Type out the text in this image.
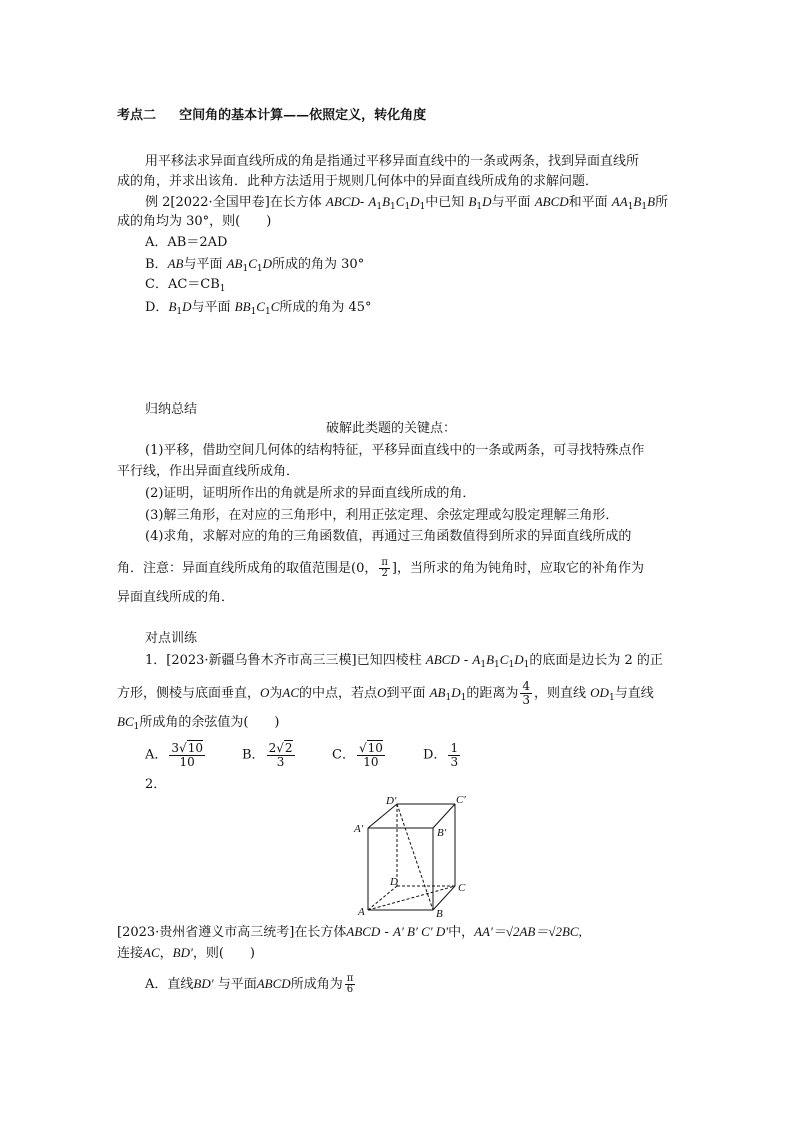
考点二 空间角的基本计算——依照定义，转化角度
用平移法求异面直线所成的角是指通过平移异面直线中的一条或两条，找到异面直线所
成的角，并求出该角．此种方法适用于规则几何体中的异面直线所成角的求解问题．
例 2[2022·全国甲卷]在长方体 ABCD- $A_1B_1C_1D_1$中已知 $B_1D$与平面 ABCD和平面 $AA_1B_1B$所
成的角均为 30°，则(　　)
A．AB＝2AD
B．AB与平面 $AB_1C_1D$所成的角为 30°
C．$AC=CB_1$
D．$B_1D$与平面 $BB_1C_1C$所成的角为 45°
归纳总结
破解此类题的关键点：
(1)平移，借助空间几何体的结构特征，平移异面直线中的一条或两条，可寻找特殊点作
平行线，作出异面直线所成角．
(2)证明，证明所作出的角就是所求的异面直线所成的角．
(3)解三角形，在对应的三角形中，利用正弦定理、余弦定理或勾股定理解三角形．
(4)求角，求解对应的角的三角函数值，再通过三角函数值得到所求的异面直线所成的
角．注意：异面直线所成角的取值范围是(0， $\frac{\pi}{2}$ ]，当所求的角为钝角时，应取它的补角作为
异面直线所成的角．
对点训练
1．[2023·新疆乌鲁木齐市高三三模]已知四棱柱 ABCD - $A_1B_1C_1D_1$的底面是边长为 2 的正
方形，侧棱与底面垂直，O为AC的中点，若点O到平面 $AB_1D_1$的距离为 $\frac{4}{3}$ ，则直线 $OD_1$与直线
$BC_1$所成角的余弦值为(　　)
A． $\frac{3√10}{10}$	B． $\frac{2√2}{3}$	C． $\frac{√10}{10}$	D． $\frac{1}{3}$
2．
D′	C′
A′	B′
D	C
A	B
[2023·贵州省遵义市高三统考]在长方体ABCD - A′ B′ C′ D′中，AA′＝√2AB＝√2BC,
连接AC，BD′，则(　　)
A．直线BD′ 与平面ABCD所成角为 $\frac{\pi}{6}$
